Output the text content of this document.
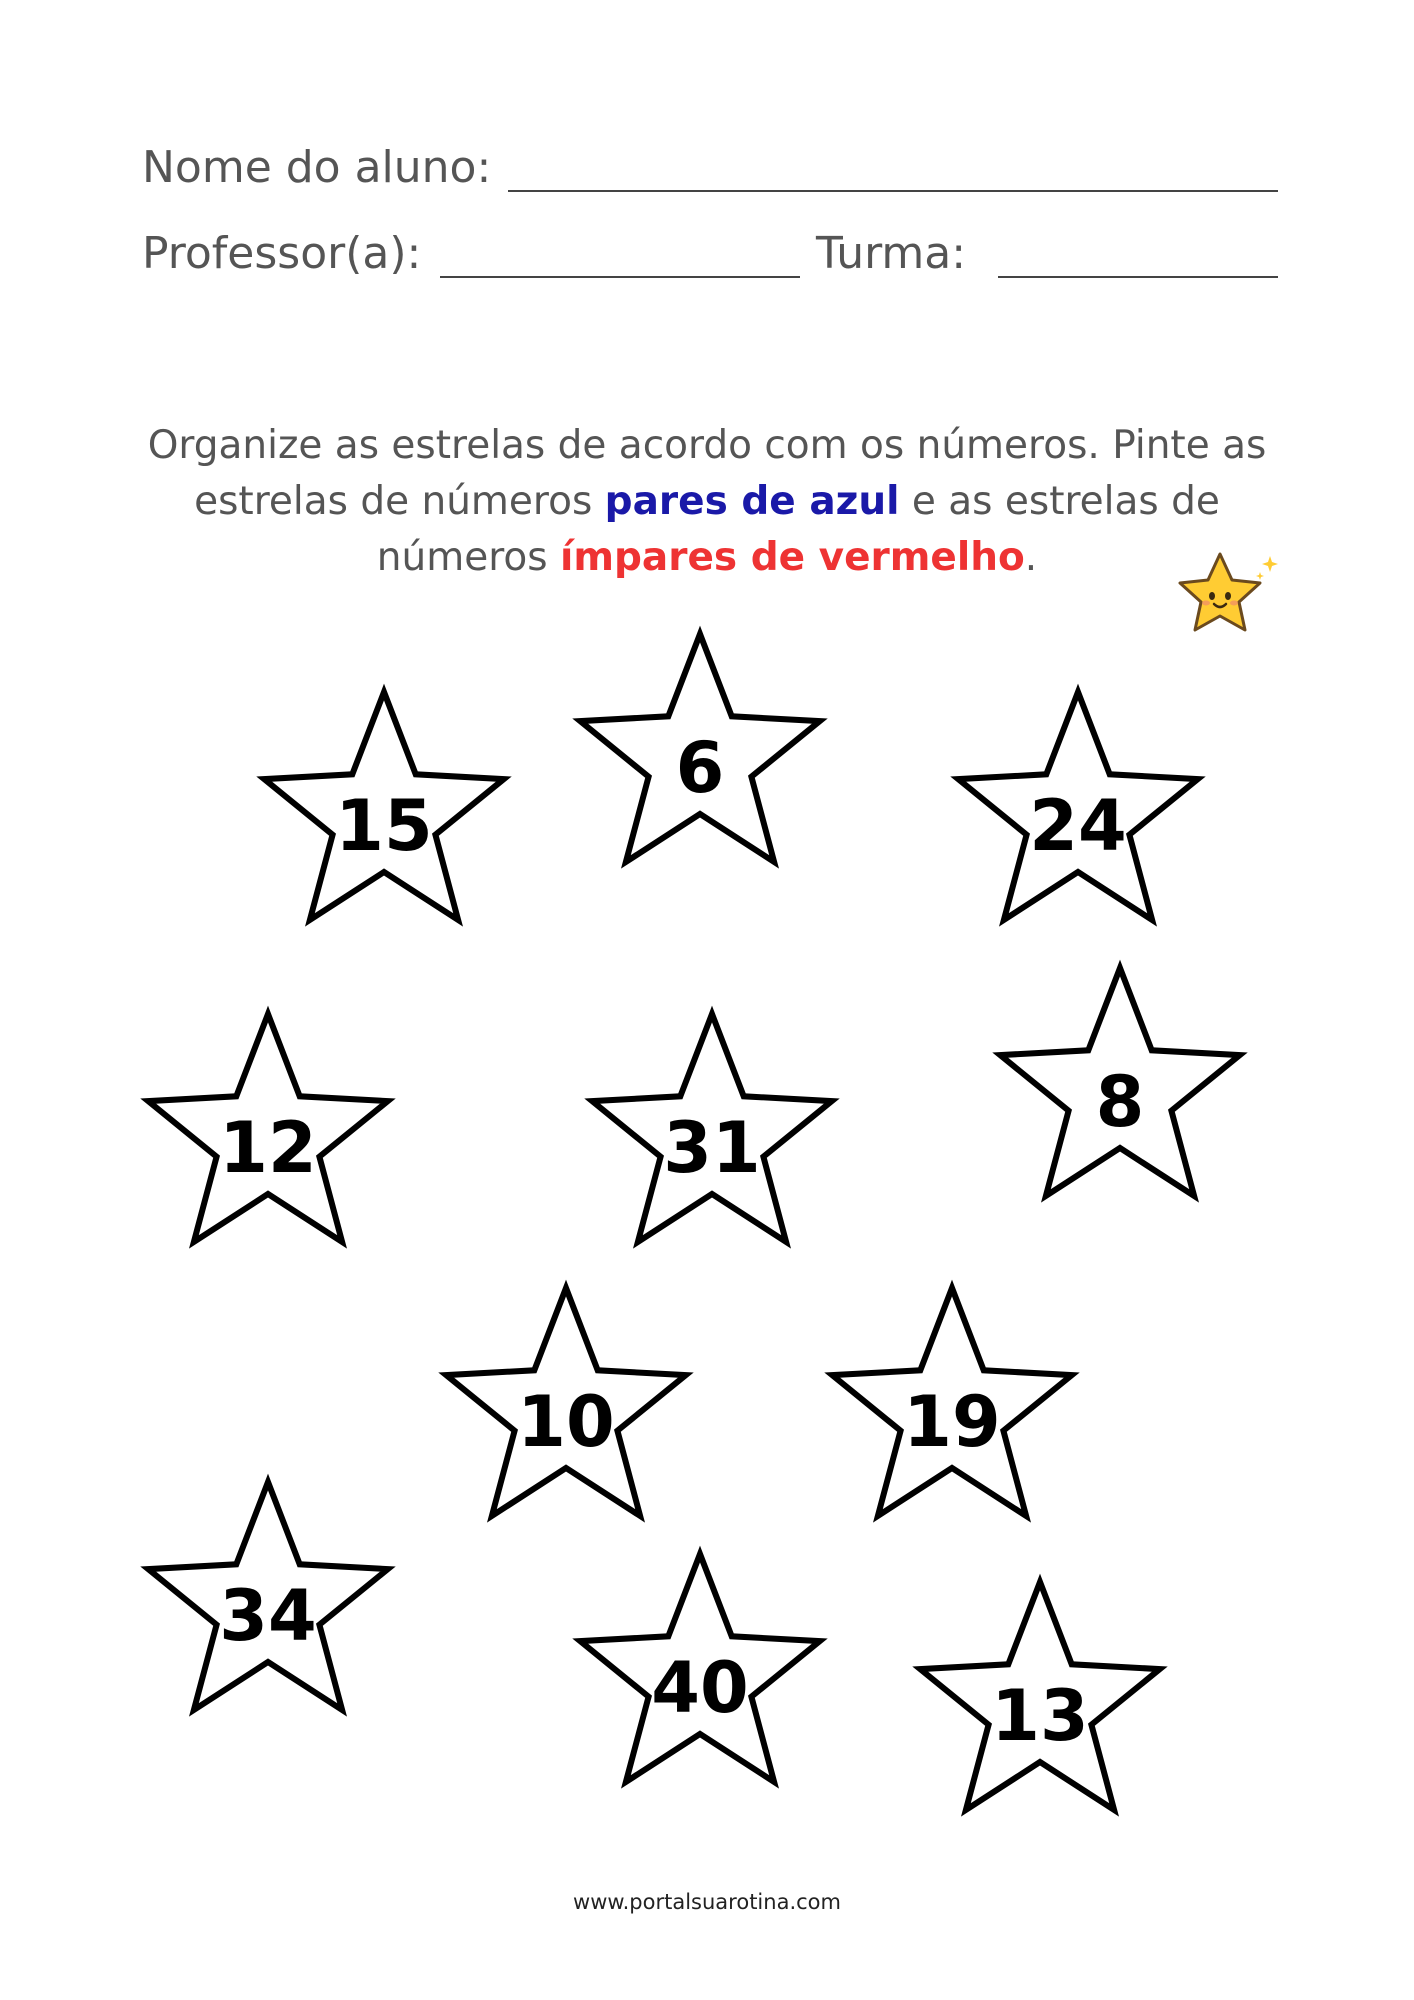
Nome do aluno:
Professor(a):	Turma:
Organize as estrelas de acordo com os números. Pinte as estrelas de números pares de azul e as estrelas de números ímpares de vermelho.
15
6
24
12	31
8
10	19
34
40	13
www.portalsuarotina.com
